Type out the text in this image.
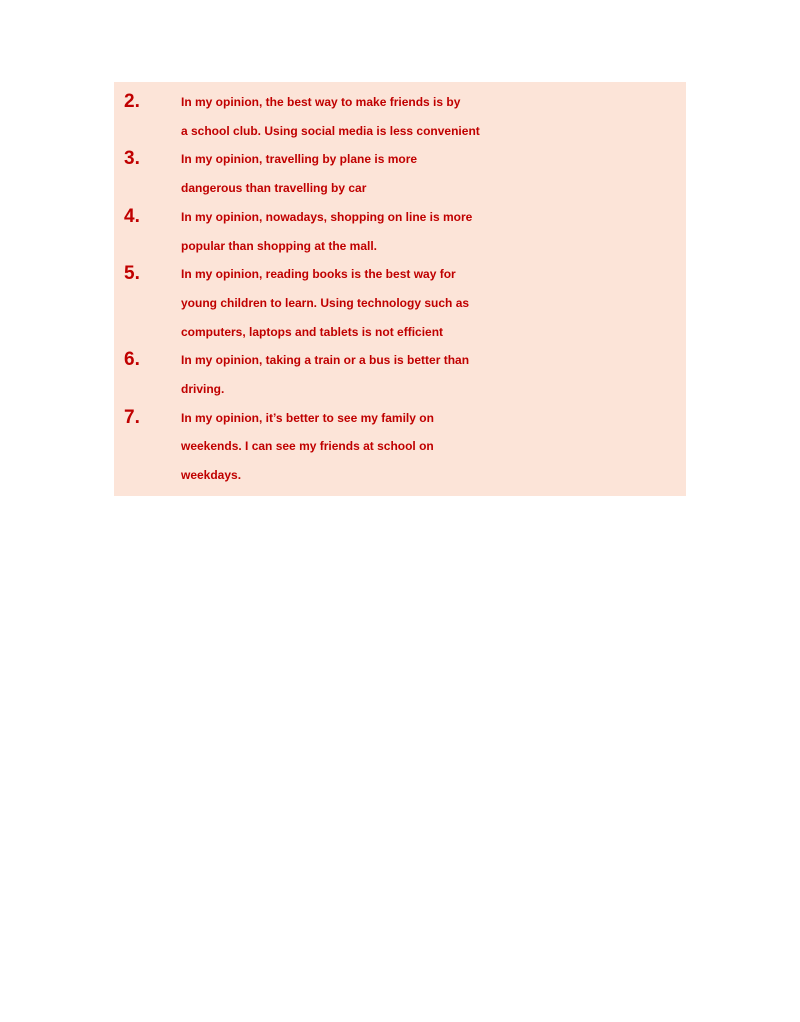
2.	In my opinion, the best way to make friends is by
a school club. Using social media is less convenient
3.	In my opinion, travelling by plane is more
dangerous than travelling by car
4.	In my opinion, nowadays, shopping on line is more
popular than shopping at the mall.
5.	In my opinion, reading books is the best way for
young children to learn. Using technology such as
computers, laptops and tablets is not efficient
6.	In my opinion, taking a train or a bus is better than
driving.
7.	In my opinion, it’s better to see my family on
weekends. I can see my friends at school on
weekdays.
